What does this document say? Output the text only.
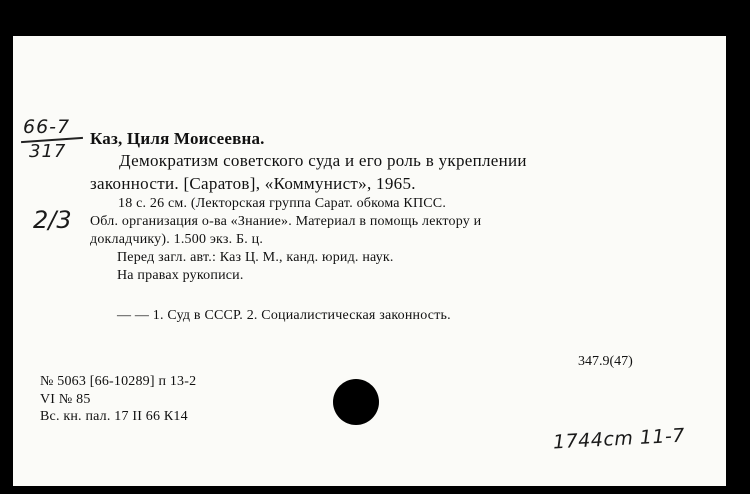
66-7
317
2/3
Каз, Циля Моисеевна.
Демократизм советского суда и его роль в укреплении
законности. [Саратов], «Коммунист», 1965.
18 с. 26 см. (Лекторская группа Сарат. обкома КПСС.
Обл. организация о-ва «Знание». Материал в помощь лектору и
докладчику). 1.500 экз. Б. ц.
Перед загл. авт.: Каз Ц. М., канд. юрид. наук.
На правах рукописи.
— — 1. Суд в СССР. 2. Социалистическая законность.
347.9(47)
№ 5063 [66-10289] п 13-2
VI № 85
Вс. кн. пал. 17 II 66 К14
1744cm 11-7
